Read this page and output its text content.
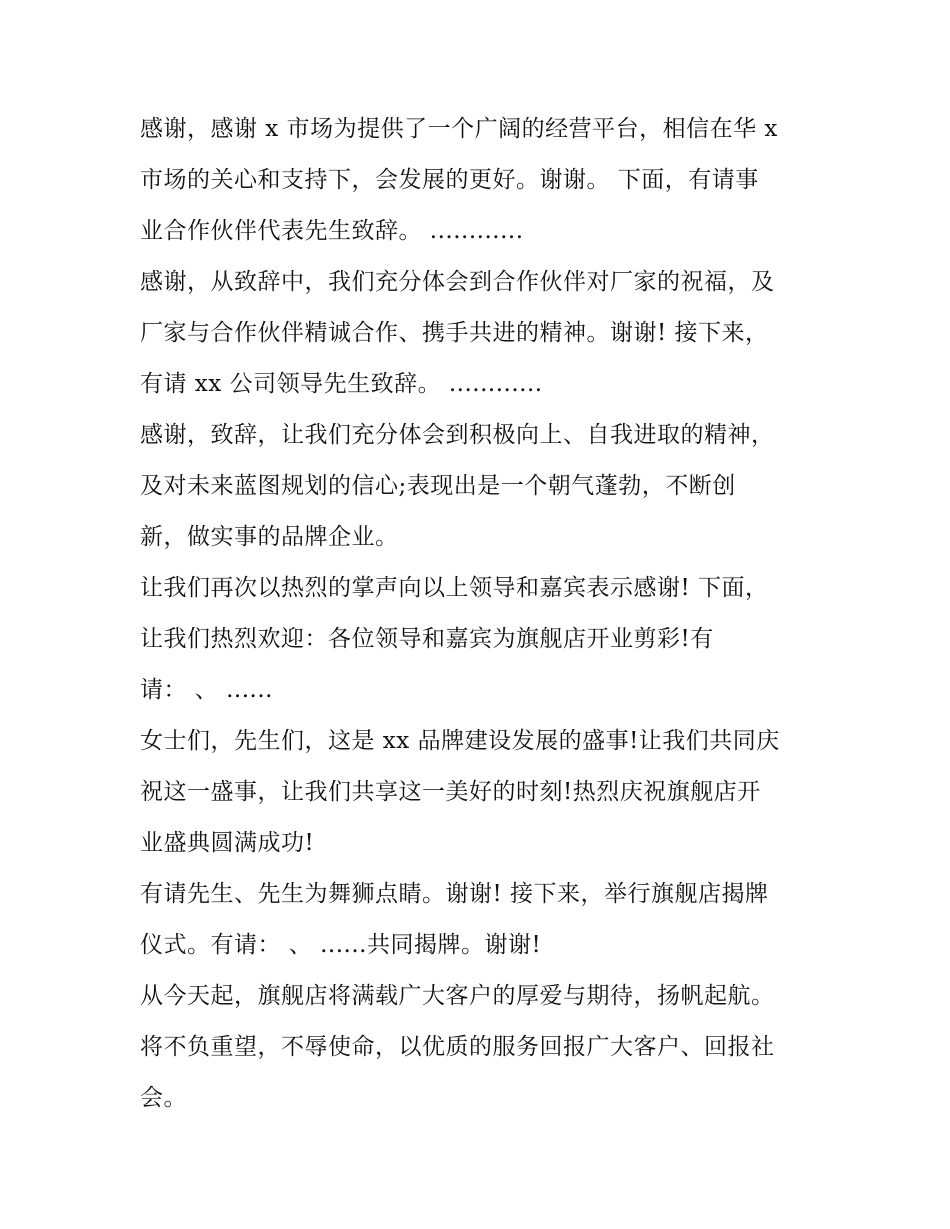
感谢，感谢 x 市场为提供了一个广阔的经营平台，相信在华 x
市场的关心和支持下，会发展的更好。谢谢。 下面，有请事
业合作伙伴代表先生致辞。 ............
感谢，从致辞中，我们充分体会到合作伙伴对厂家的祝福，及
厂家与合作伙伴精诚合作、携手共进的精神。谢谢! 接下来，
有请 xx 公司领导先生致辞。 ............
感谢，致辞，让我们充分体会到积极向上、自我进取的精神，
及对未来蓝图规划的信心;表现出是一个朝气蓬勃，不断创
新，做实事的品牌企业。
让我们再次以热烈的掌声向以上领导和嘉宾表示感谢! 下面，
让我们热烈欢迎：各位领导和嘉宾为旗舰店开业剪彩!有
请： 、 ......
女士们，先生们，这是 xx 品牌建设发展的盛事!让我们共同庆
祝这一盛事，让我们共享这一美好的时刻!热烈庆祝旗舰店开
业盛典圆满成功!
有请先生、先生为舞狮点睛。谢谢! 接下来，举行旗舰店揭牌
仪式。有请： 、 ......共同揭牌。谢谢!
从今天起，旗舰店将满载广大客户的厚爱与期待，扬帆起航。
将不负重望，不辱使命，以优质的服务回报广大客户、回报社
会。
